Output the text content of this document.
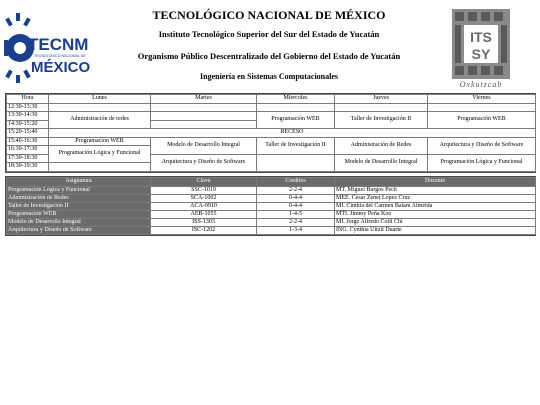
TECNM
TECNOLÓGICO NACIONAL DE
MÉXICO
TECNOLÓGICO NACIONAL DE MÉXICO
Instituto Tecnológico Superior del Sur del Estado de Yucatán
Organismo Público Descentralizado del Gobierno del Estado de Yucatán
Ingeniería en Sistemas Computacionales
ITS
SY
Oxkutzcab
Hora	Lunes	Martes	Miercoles	Jueves	Viernes
12:30-13:30					
13:30-14:30	Administración de redes		Programación WEB	Taller de Investigación II	Programación WEB
14:30-15:20					
15:20-15:40	RECESO				
15:40-16:30	Programación WEB	Modelo de Desarrollo Integral	Taller de Investigación II	Administración de Redes	Arquitectura y Diseño de Software
16:30-17:30	Programación Lógica y Funcional				
17:30-18:30		Arquitectura y Diseño de Software		Modelo de Desarrollo Integral	Programación Lógica y Funcional
18:30-19:30					
Asignatura	Clave	Creditos	Docente
Programación Lógica y Funcional	SSC-1019	2-2-4	MT. Miguel Burgos Pech
Administración de Redes	SCA-1002	0-4-4	MEE. Cesar Zenet Lopez Cruz
Taller de Investigación II	ACA-0910	0-4-4	MI. Cinthia del Carmen Balam Almeida
Programación WEB	AEB-1055	1-4-5	MTI. Jimmy Peña Koo
Modelo de Desarrollo Integral	ISS-1303	2-2-4	MI. Jorge Alfredo Colli Chi
Arquitectura y Diseño de Software	ISC-1202	1-3-4	ING. Cynthia Uitzil Duarte
